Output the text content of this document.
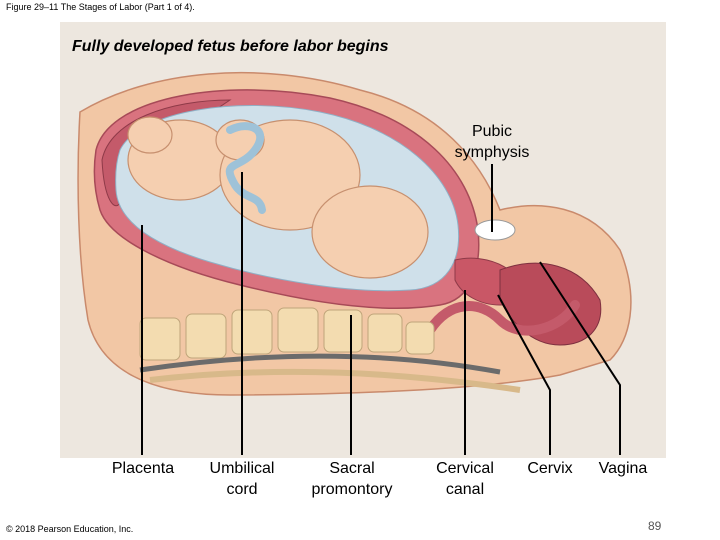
Figure 29–11 The Stages of Labor (Part 1 of 4).
Fully developed fetus before labor begins
Pubic
symphysis
Placenta	Umbilical
cord
Sacral
promontory
Cervical
canal
Cervix	Vagina
© 2018 Pearson Education, Inc.	89
